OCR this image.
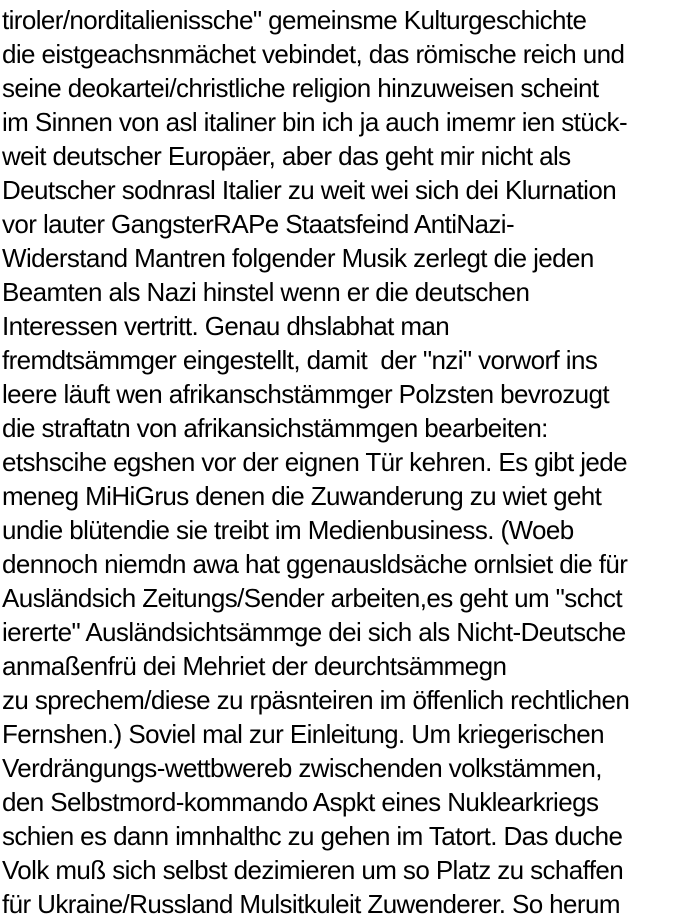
tiroler/norditalienissche" gemeinsme Kulturgeschichte
die eistgeachsnmächet vebindet, das römische reich und
seine deokartei/christliche religion hinzuweisen scheint
im Sinnen von asl italiner bin ich ja auch imemr ien stück-
weit deutscher Europäer, aber das geht mir nicht als
Deutscher sodnrasl Italier zu weit wei sich dei Klurnation
vor lauter GangsterRAPe Staatsfeind AntiNazi-
Widerstand Mantren folgender Musik zerlegt die jeden
Beamten als Nazi hinstel wenn er die deutschen
Interessen vertritt. Genau dhslabhat man
fremdtsämmger eingestellt, damit  der "nzi" vorworf ins
leere läuft wen afrikanschstämmger Polzsten bevrozugt
die straftatn von afrikansichstämmgen bearbeiten:
etshscihe egshen vor der eignen Tür kehren. Es gibt jede
meneg MiHiGrus denen die Zuwanderung zu wiet geht
undie blütendie sie treibt im Medienbusiness. (Woeb
dennoch niemdn awa hat ggenausldsäche ornlsiet die für
Ausländsich Zeitungs/Sender arbeiten,es geht um "schct
iererte" Ausländsichtsämmge dei sich als Nicht-Deutsche
anmaßenfrü dei Mehriet der deurchtsämmegn
zu sprechem/diese zu rpäsnteiren im öffenlich rechtlichen
Fernshen.) Soviel mal zur Einleitung. Um kriegerischen
Verdrängungs-wettbwereb zwischenden volkstämmen,
den Selbstmord-kommando Aspkt eines Nuklearkriegs
schien es dann imnhalthc zu gehen im Tatort. Das duche
Volk muß sich selbst dezimieren um so Platz zu schaffen
für Ukraine/Russland Mulsitkuleit Zuwenderer. So herum
